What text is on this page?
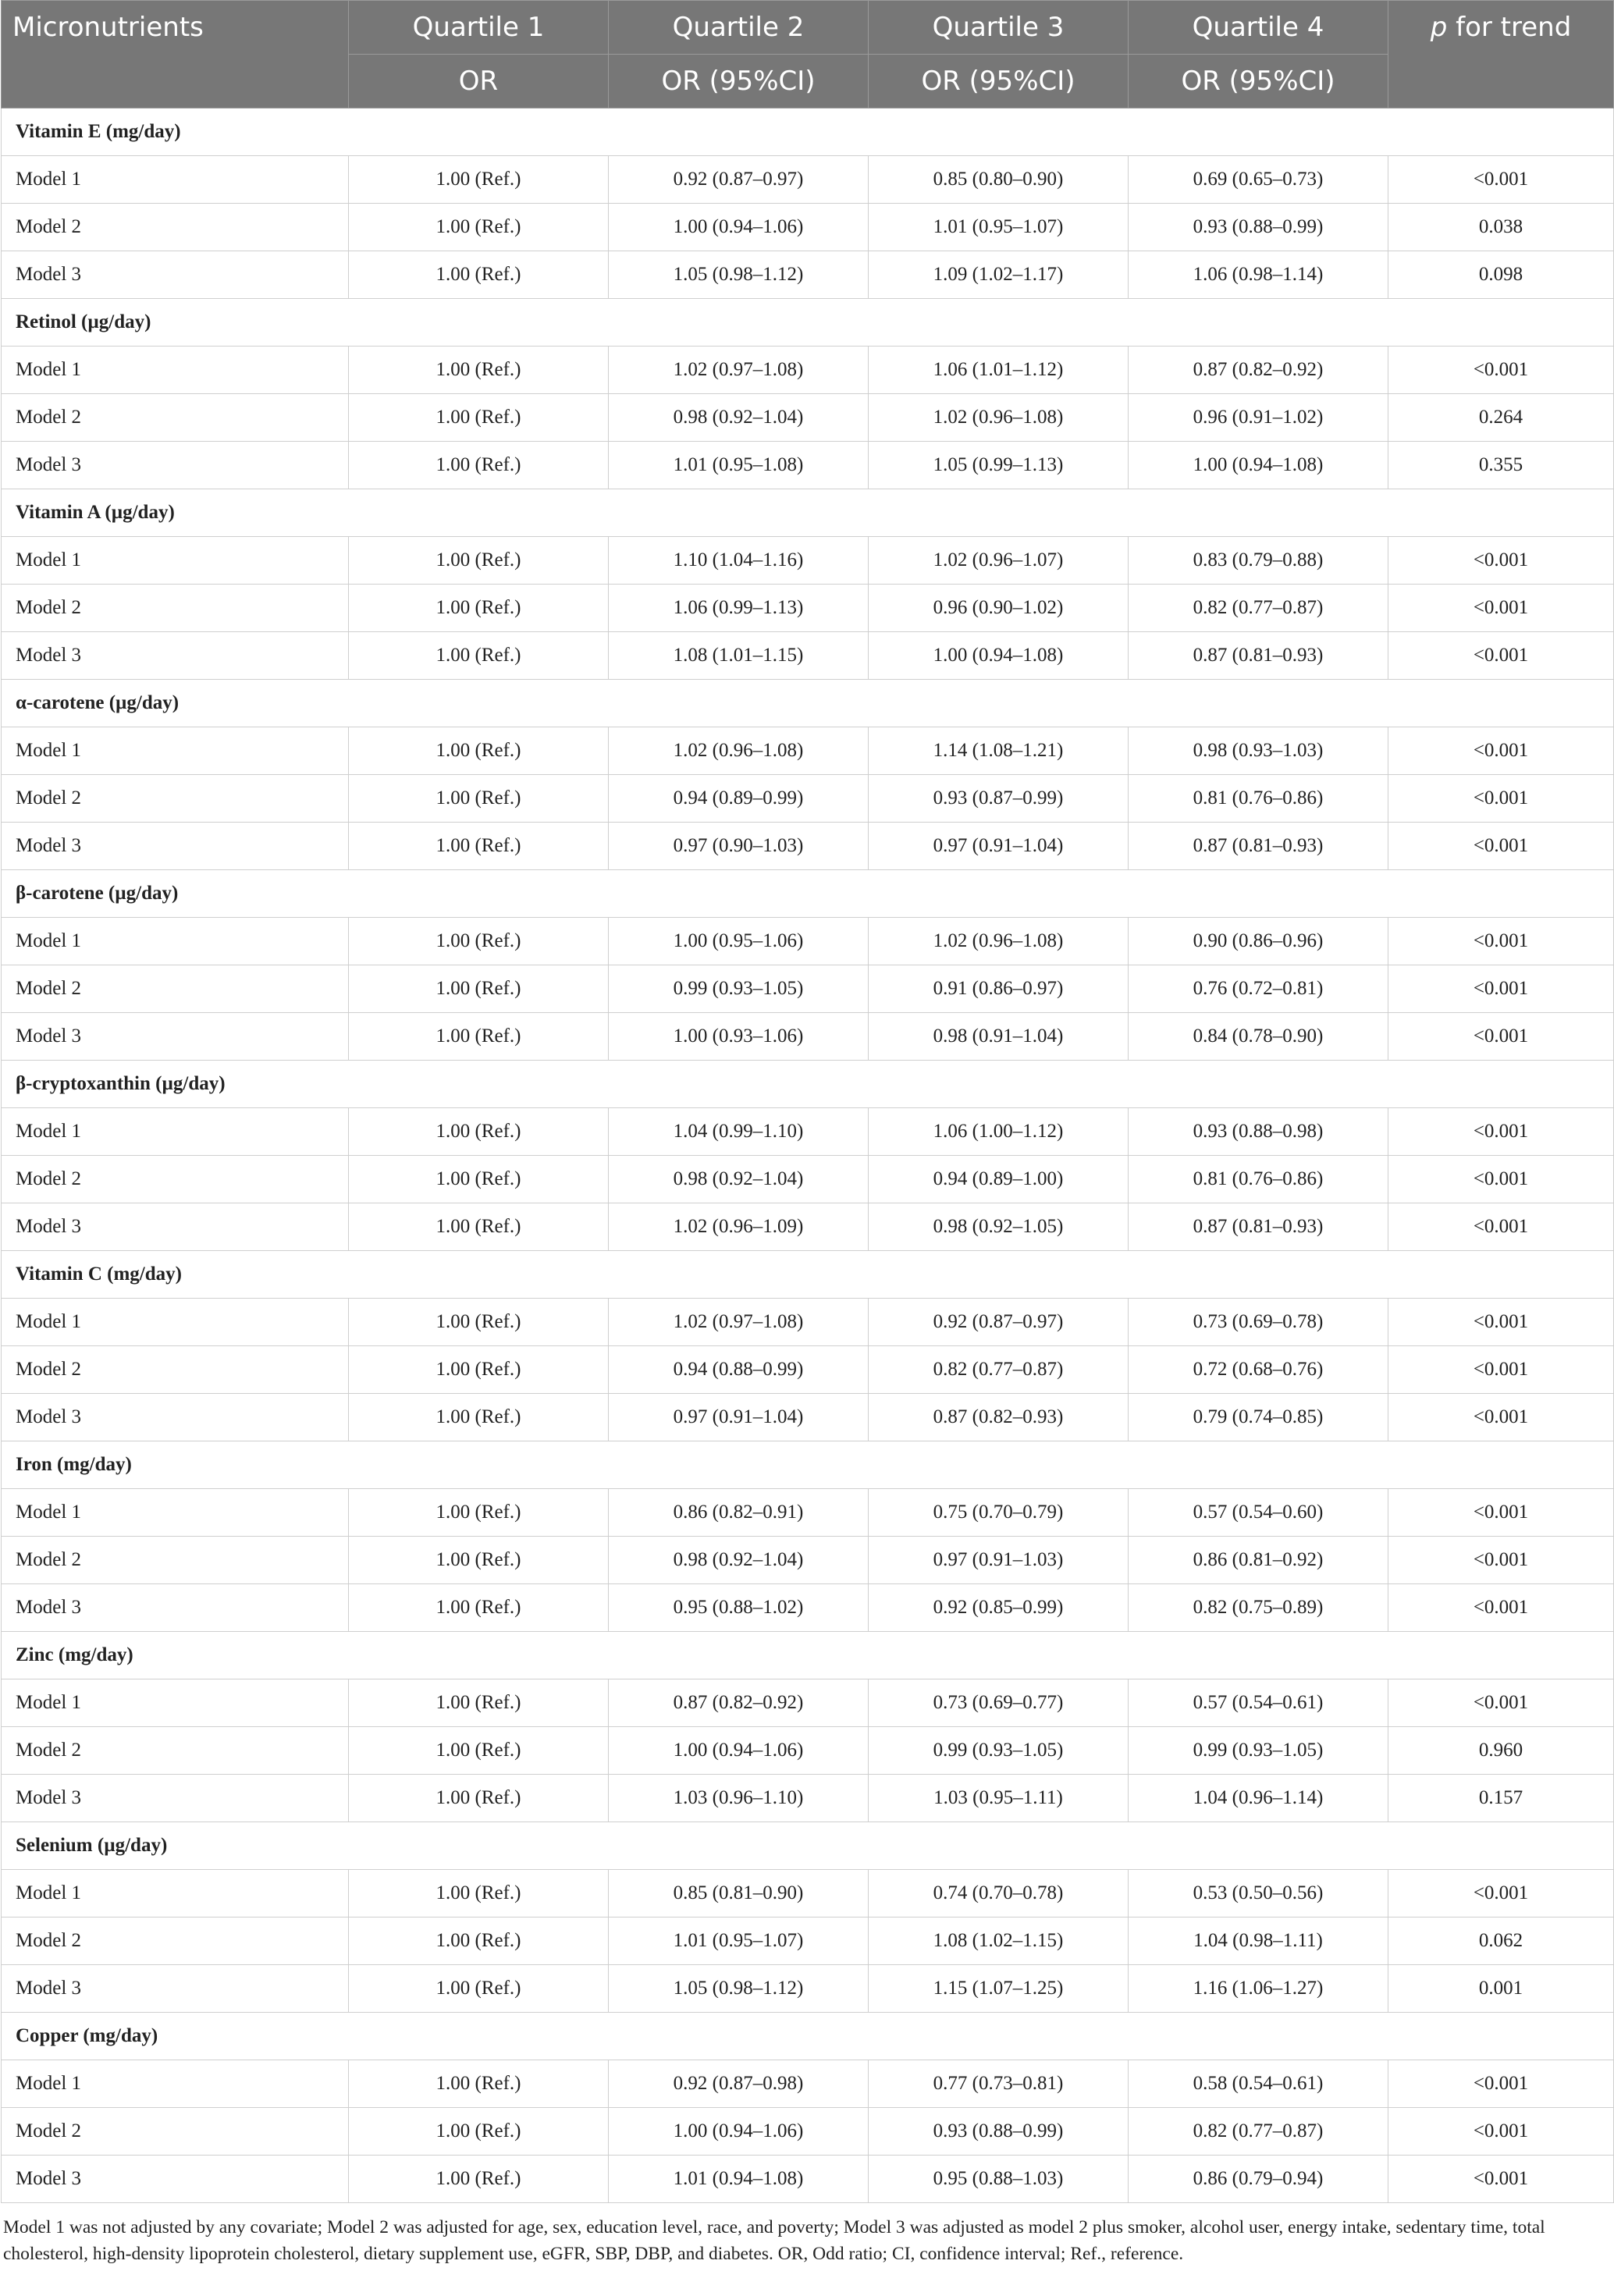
Micronutrients	Quartile 1	Quartile 2	Quartile 3	Quartile 4	p for trend
	OR	OR (95%CI)	OR (95%CI)	OR (95%CI)	
Vitamin E (mg/day)					
Model 1	1.00 (Ref.)	0.92 (0.87–0.97)	0.85 (0.80–0.90)	0.69 (0.65–0.73)	<0.001
Model 2	1.00 (Ref.)	1.00 (0.94–1.06)	1.01 (0.95–1.07)	0.93 (0.88–0.99)	0.038
Model 3	1.00 (Ref.)	1.05 (0.98–1.12)	1.09 (1.02–1.17)	1.06 (0.98–1.14)	0.098
Retinol (µg/day)					
Model 1	1.00 (Ref.)	1.02 (0.97–1.08)	1.06 (1.01–1.12)	0.87 (0.82–0.92)	<0.001
Model 2	1.00 (Ref.)	0.98 (0.92–1.04)	1.02 (0.96–1.08)	0.96 (0.91–1.02)	0.264
Model 3	1.00 (Ref.)	1.01 (0.95–1.08)	1.05 (0.99–1.13)	1.00 (0.94–1.08)	0.355
Vitamin A (µg/day)					
Model 1	1.00 (Ref.)	1.10 (1.04–1.16)	1.02 (0.96–1.07)	0.83 (0.79–0.88)	<0.001
Model 2	1.00 (Ref.)	1.06 (0.99–1.13)	0.96 (0.90–1.02)	0.82 (0.77–0.87)	<0.001
Model 3	1.00 (Ref.)	1.08 (1.01–1.15)	1.00 (0.94–1.08)	0.87 (0.81–0.93)	<0.001
α-carotene (µg/day)					
Model 1	1.00 (Ref.)	1.02 (0.96–1.08)	1.14 (1.08–1.21)	0.98 (0.93–1.03)	<0.001
Model 2	1.00 (Ref.)	0.94 (0.89–0.99)	0.93 (0.87–0.99)	0.81 (0.76–0.86)	<0.001
Model 3	1.00 (Ref.)	0.97 (0.90–1.03)	0.97 (0.91–1.04)	0.87 (0.81–0.93)	<0.001
β-carotene (µg/day)					
Model 1	1.00 (Ref.)	1.00 (0.95–1.06)	1.02 (0.96–1.08)	0.90 (0.86–0.96)	<0.001
Model 2	1.00 (Ref.)	0.99 (0.93–1.05)	0.91 (0.86–0.97)	0.76 (0.72–0.81)	<0.001
Model 3	1.00 (Ref.)	1.00 (0.93–1.06)	0.98 (0.91–1.04)	0.84 (0.78–0.90)	<0.001
β-cryptoxanthin (µg/day)					
Model 1	1.00 (Ref.)	1.04 (0.99–1.10)	1.06 (1.00–1.12)	0.93 (0.88–0.98)	<0.001
Model 2	1.00 (Ref.)	0.98 (0.92–1.04)	0.94 (0.89–1.00)	0.81 (0.76–0.86)	<0.001
Model 3	1.00 (Ref.)	1.02 (0.96–1.09)	0.98 (0.92–1.05)	0.87 (0.81–0.93)	<0.001
Vitamin C (mg/day)					
Model 1	1.00 (Ref.)	1.02 (0.97–1.08)	0.92 (0.87–0.97)	0.73 (0.69–0.78)	<0.001
Model 2	1.00 (Ref.)	0.94 (0.88–0.99)	0.82 (0.77–0.87)	0.72 (0.68–0.76)	<0.001
Model 3	1.00 (Ref.)	0.97 (0.91–1.04)	0.87 (0.82–0.93)	0.79 (0.74–0.85)	<0.001
Iron (mg/day)					
Model 1	1.00 (Ref.)	0.86 (0.82–0.91)	0.75 (0.70–0.79)	0.57 (0.54–0.60)	<0.001
Model 2	1.00 (Ref.)	0.98 (0.92–1.04)	0.97 (0.91–1.03)	0.86 (0.81–0.92)	<0.001
Model 3	1.00 (Ref.)	0.95 (0.88–1.02)	0.92 (0.85–0.99)	0.82 (0.75–0.89)	<0.001
Zinc (mg/day)					
Model 1	1.00 (Ref.)	0.87 (0.82–0.92)	0.73 (0.69–0.77)	0.57 (0.54–0.61)	<0.001
Model 2	1.00 (Ref.)	1.00 (0.94–1.06)	0.99 (0.93–1.05)	0.99 (0.93–1.05)	0.960
Model 3	1.00 (Ref.)	1.03 (0.96–1.10)	1.03 (0.95–1.11)	1.04 (0.96–1.14)	0.157
Selenium (µg/day)					
Model 1	1.00 (Ref.)	0.85 (0.81–0.90)	0.74 (0.70–0.78)	0.53 (0.50–0.56)	<0.001
Model 2	1.00 (Ref.)	1.01 (0.95–1.07)	1.08 (1.02–1.15)	1.04 (0.98–1.11)	0.062
Model 3	1.00 (Ref.)	1.05 (0.98–1.12)	1.15 (1.07–1.25)	1.16 (1.06–1.27)	0.001
Copper (mg/day)					
Model 1	1.00 (Ref.)	0.92 (0.87–0.98)	0.77 (0.73–0.81)	0.58 (0.54–0.61)	<0.001
Model 2	1.00 (Ref.)	1.00 (0.94–1.06)	0.93 (0.88–0.99)	0.82 (0.77–0.87)	<0.001
Model 3	1.00 (Ref.)	1.01 (0.94–1.08)	0.95 (0.88–1.03)	0.86 (0.79–0.94)	<0.001
Model 1 was not adjusted by any covariate; Model 2 was adjusted for age, sex, education level, race, and poverty; Model 3 was adjusted as model 2 plus smoker, alcohol user, energy intake, sedentary time, total cholesterol, high-density lipoprotein cholesterol, dietary supplement use, eGFR, SBP, DBP, and diabetes. OR, Odd ratio; CI, confidence interval; Ref., reference.
